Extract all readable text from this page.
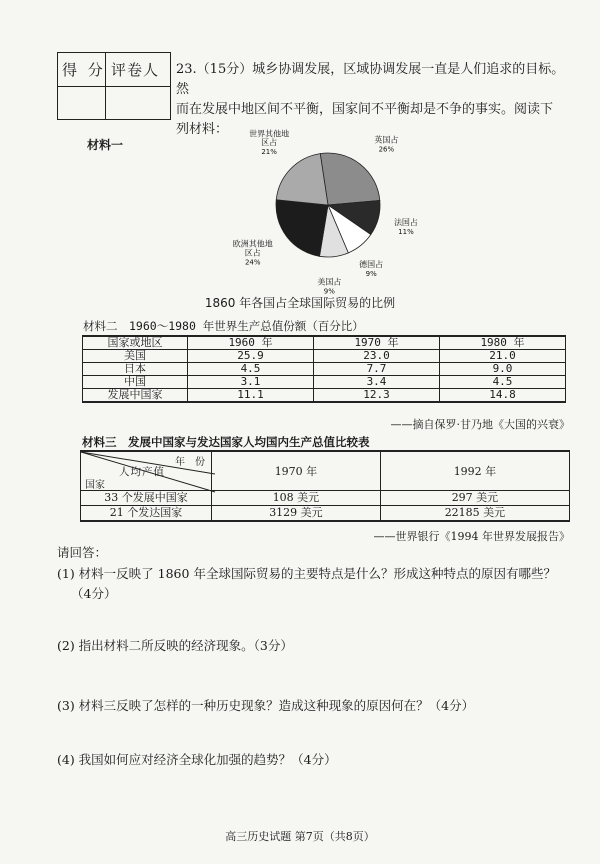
得 分 评卷人 23.（15分）城乡协调发展，区域协调发展一直是人们追求的目标。然
而在发展中地区间不平衡，国家间不平衡却是不争的事实。阅读下
列材料：
材料一	英国占
26%
法国占
11%
德国占
9%
美国占
9%
欧洲其他地
区占
24%
世界其他地
区占
21%
1860 年各国占全球国际贸易的比例
材料二　1960～1980 年世界生产总值份额（百分比）
国家或地区	1960 年	1970 年	1980 年
美国	25.9	23.0	21.0
日本	4.5	7.7	9.0
中国	3.1	3.4	4.5
发展中国家	11.1	12.3	14.8
——摘自保罗·甘乃地《大国的兴衰》
材料三　发展中国家与发达国家人均国内生产总值比较表
年　份
人均产值
国家	1970 年	1992 年
33 个发展中国家	108 美元	297 美元
21 个发达国家	3129 美元	22185 美元
——世界银行《1994 年世界发展报告》
请回答：
(1) 材料一反映了 1860 年全球国际贸易的主要特点是什么？形成这种特点的原因有哪些？
（4分）
(2) 指出材料二所反映的经济现象。（3分）
(3) 材料三反映了怎样的一种历史现象？造成这种现象的原因何在？（4分）
(4) 我国如何应对经济全球化加强的趋势？（4分）
高三历史试题 第7页（共8页）
